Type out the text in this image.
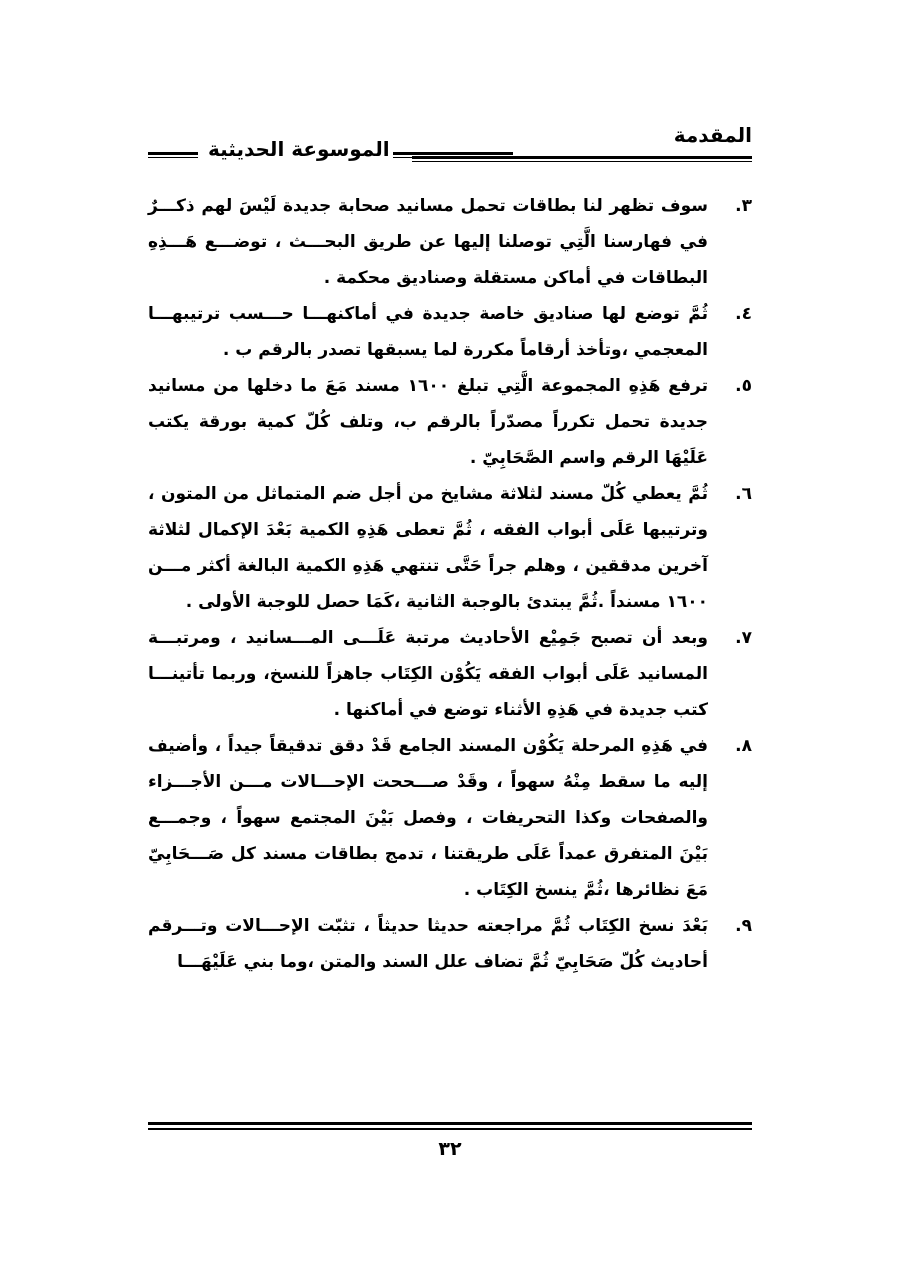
المقدمة
الموسوعة الحديثية
٣.
سوف تظهر لنا بطاقات تحمل مسانيد صحابة جديدة لَيْسَ لهم ذكـــرٌ في فهارسنا الَّتِي توصلنا إليها عن طريق البحـــث ، توضـــع هَـــذِهِ البطاقات في أماكن مستقلة وصناديق محكمة .
٤.
ثُمَّ توضع لها صناديق خاصة جديدة في أماكنهـــا حـــسب ترتيبهـــا المعجمي ،وتأخذ أرقاماً مكررة لما يسبقها تصدر بالرقم ب .
٥.
ترفع هَذِهِ المجموعة الَّتِي تبلغ ١٦٠٠ مسند مَعَ ما دخلها من مسانيد جديدة تحمل تكرراً مصدّراً بالرقم ب، وتلف كُلّ كمية بورقة يكتب عَلَيْهَا الرقم واسم الصَّحَابِيّ .
٦.
ثُمَّ يعطي كُلّ مسند لثلاثة مشايخ من أجل ضم المتماثل من المتون ، وترتيبها عَلَى أبواب الفقه ، ثُمَّ تعطى هَذِهِ الكمية بَعْدَ الإكمال لثلاثة آخرين مدققين ، وهلم جراً حَتَّى تنتهي هَذِهِ الكمية البالغة أكثر مـــن ١٦٠٠ مسنداً .ثُمَّ يبتدئ بالوجبة الثانية ،كَمَا حصل للوجبة الأولى .
٧.
وبعد أن تصبح جَمِيْع الأحاديث مرتبة عَلَـــى المـــسانيد ، ومرتبـــة المسانيد عَلَى أبواب الفقه يَكُوْن الكِتَاب جاهزاً للنسخ، وربما تأتينـــا كتب جديدة في هَذِهِ الأثناء توضع في أماكنها .
٨.
في هَذِهِ المرحلة يَكُوْن المسند الجامع قَدْ دقق تدقيقاً جيداً ، وأضيف إليه ما سقط مِنْهُ سهواً ، وقَدْ صـــححت الإحـــالات مـــن الأجـــزاء والصفحات وكذا التحريفات ، وفصل بَيْنَ المجتمع سهواً ، وجمـــع بَيْنَ المتفرق عمداً عَلَى طريقتنا ، تدمج بطاقات مسند كل صَـــحَابِيّ مَعَ نظائرها ،ثُمَّ ينسخ الكِتَاب .
٩.
بَعْدَ نسخ الكِتَاب ثُمَّ مراجعته حديثا حديثاً ، تثبّت الإحـــالات وتـــرقم أحاديث كُلّ صَحَابِيّ ثُمَّ تضاف علل السند والمتن ،وما بني عَلَيْهَـــا
٣٢
